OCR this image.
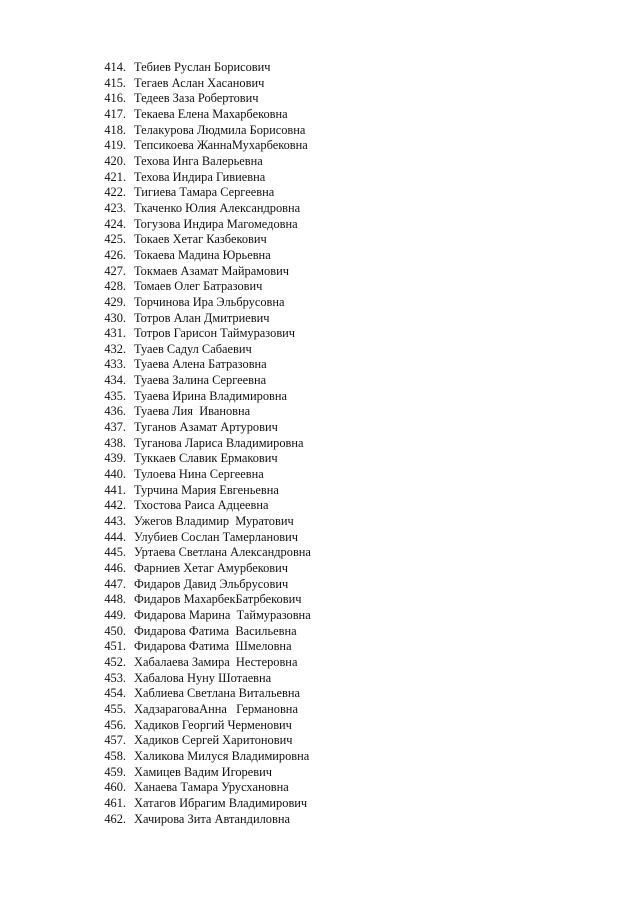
414. Тебиев Руслан Борисович
415. Тегаев Аслан Хасанович
416. Тедеев Заза Робертович
417. Текаева Елена Махарбековна
418. Телакурова Людмила Борисовна
419. Тепсикоева ЖаннаМухарбековна
420. Техова Инга Валерьевна
421. Техова Индира Гивиевна
422. Тигиева Тамара Сергеевна
423. Ткаченко Юлия Александровна
424. Тогузова Индира Магомедовна
425. Токаев Хетаг Казбекович
426. Токаева Мадина Юрьевна
427. Токмаев Азамат Майрамович
428. Томаев Олег Батразович
429. Торчинова Ира Эльбрусовна
430. Тотров Алан Дмитриевич
431. Тотров Гарисон Таймуразович
432. Туаев Садул Сабаевич
433. Туаева Алена Батразовна
434. Туаева Залина Сергеевна
435. Туаева Ирина Владимировна
436. Туаева Лия  Ивановна
437. Туганов Азамат Артурович
438. Туганова Лариса Владимировна
439. Туккаев Славик Ермакович
440. Тулоева Нина Сергеевна
441. Турчина Мария Евгеньевна
442. Тхостова Раиса Адцеевна
443. Ужегов Владимир  Муратович
444. Улубиев Сослан Тамерланович
445. Уртаева Светлана Александровна
446. Фарниев Хетаг Амурбекович
447. Фидаров Давид Эльбрусович
448. Фидаров МахарбекБатрбекович
449. Фидарова Марина  Таймуразовна
450. Фидарова Фатима  Васильевна
451. Фидарова Фатима  Шмеловна
452. Хабалаева Замира  Нестеровна
453. Хабалова Нуну Шотаевна
454. Хаблиева Светлана Витальевна
455. ХадзараговаАнна   Германовна
456. Хадиков Георгий Черменович
457. Хадиков Сергей Харитонович
458. Халикова Милуся Владимировна
459. Хамицев Вадим Игоревич
460. Ханаева Тамара Урусхановна
461. Хатагов Ибрагим Владимирович
462. Хачирова Зита Автандиловна
